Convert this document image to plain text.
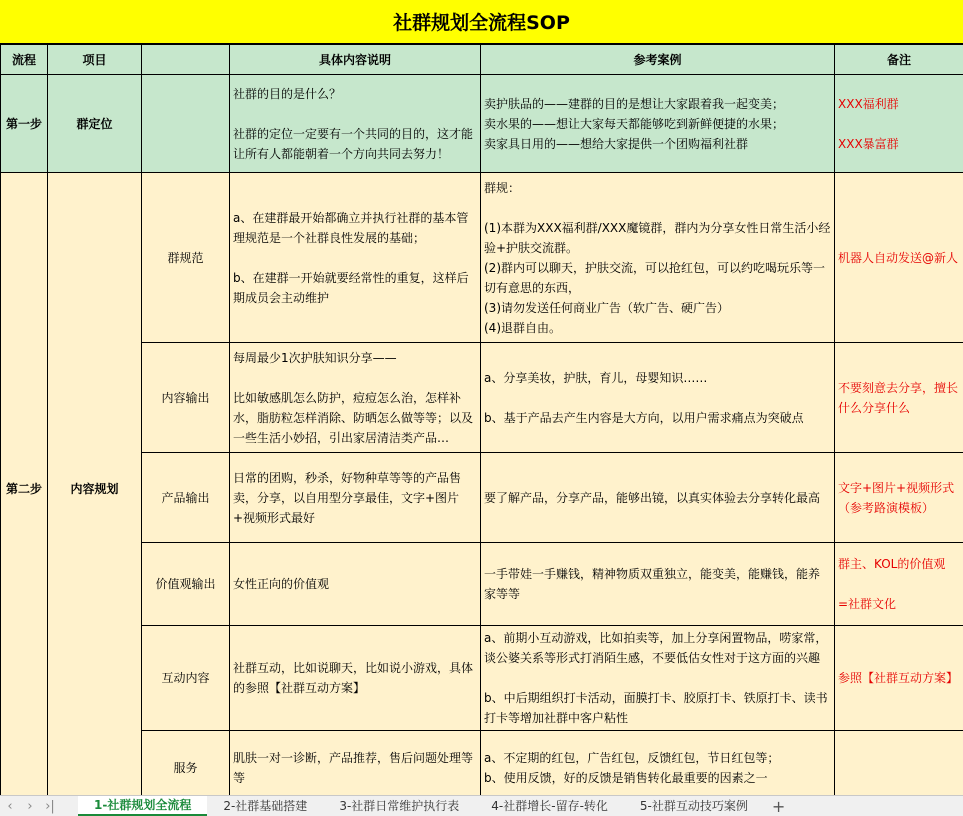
社群规划全流程SOP
流程	项目		具体内容说明	参考案例	备注
第一步	群定位		社群的目的是什么？

社群的定位一定要有一个共同的目的，这才能让所有人都能朝着一个方向共同去努力！	卖护肤品的——建群的目的是想让大家跟着我一起变美；
卖水果的——想让大家每天都能够吃到新鲜便捷的水果；
卖家具日用的——想给大家提供一个团购福利社群	XXX福利群

XXX暴富群
第二步	内容规划	群规范	a、在建群最开始都确立并执行社群的基本管理规范是一个社群良性发展的基础；

b、在建群一开始就要经常性的重复，这样后期成员会主动维护	群规：

(1)本群为XXX福利群/XXX魔镜群，群内为分享女性日常生活小经验+护肤交流群。
(2)群内可以聊天，护肤交流，可以抢红包，可以约吃喝玩乐等一切有意思的东西，
(3)请勿发送任何商业广告（软广告、硬广告）
(4)退群自由。	机器人自动发送@新人
		内容输出	每周最少1次护肤知识分享——

比如敏感肌怎么防护，痘痘怎么治，怎样补水，脂肪粒怎样消除、防晒怎么做等等；以及一些生活小妙招，引出家居清洁类产品…	a、分享美妆，护肤，育儿，母婴知识……

b、基于产品去产生内容是大方向，以用户需求痛点为突破点	不要刻意去分享，擅长什么分享什么
		产品输出	日常的团购，秒杀，好物种草等等的产品售卖，分享，以自用型分享最佳，文字+图片+视频形式最好	要了解产品，分享产品，能够出镜，以真实体验去分享转化最高	文字+图片+视频形式（参考路演模板）
		价值观输出	女性正向的价值观	一手带娃一手赚钱，精神物质双重独立，能变美，能赚钱，能养家等等	群主、KOL的价值观

=社群文化
		互动内容	社群互动，比如说聊天，比如说小游戏，具体的参照【社群互动方案】	a、前期小互动游戏，比如拍卖等，加上分享闲置物品，唠家常，谈公婆关系等形式打消陌生感，不要低估女性对于这方面的兴趣

b、中后期组织打卡活动，面膜打卡、胶原打卡、铁原打卡、读书打卡等增加社群中客户粘性	参照【社群互动方案】
		服务	肌肤一对一诊断，产品推荐，售后问题处理等等	a、不定期的红包，广告红包，反馈红包，节日红包等；
b、使用反馈，好的反馈是销售转化最重要的因素之一	
‹	› ›|	1-社群规划全流程	2-社群基础搭建	3-社群日常维护执行表	4-社群增长-留存-转化	5-社群互动技巧案例	+
